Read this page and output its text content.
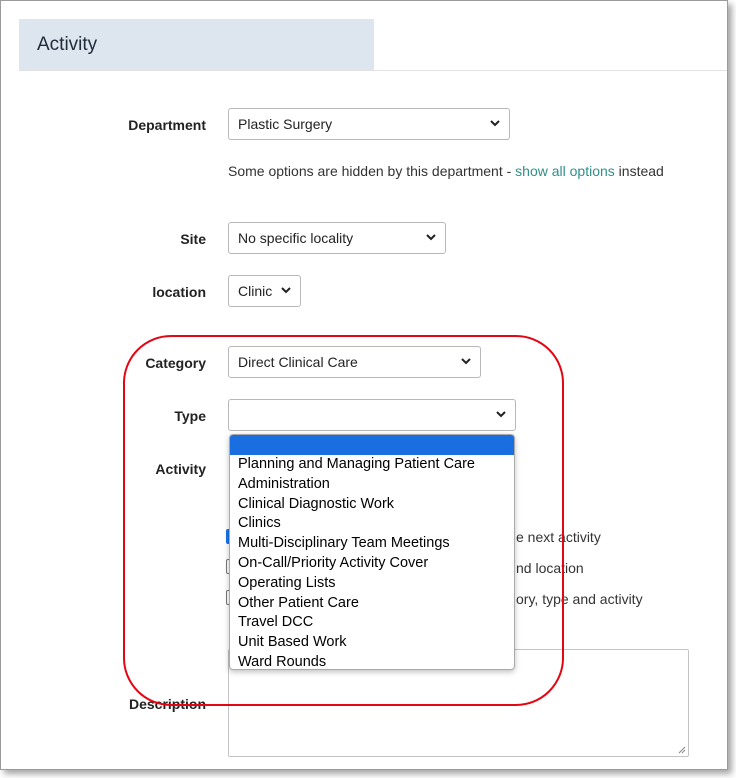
Activity
Department	Plastic Surgery
Some options are hidden by this department - show all options instead
Site	No specific locality
location	Clinic
Category	Direct Clinical Care
Type
Activity
e next activity
nd location
ory, type and activity
Description
Planning and Managing Patient Care
Administration
Clinical Diagnostic Work
Clinics
Multi-Disciplinary Team Meetings
On-Call/Priority Activity Cover
Operating Lists
Other Patient Care
Travel DCC
Unit Based Work
Ward Rounds
